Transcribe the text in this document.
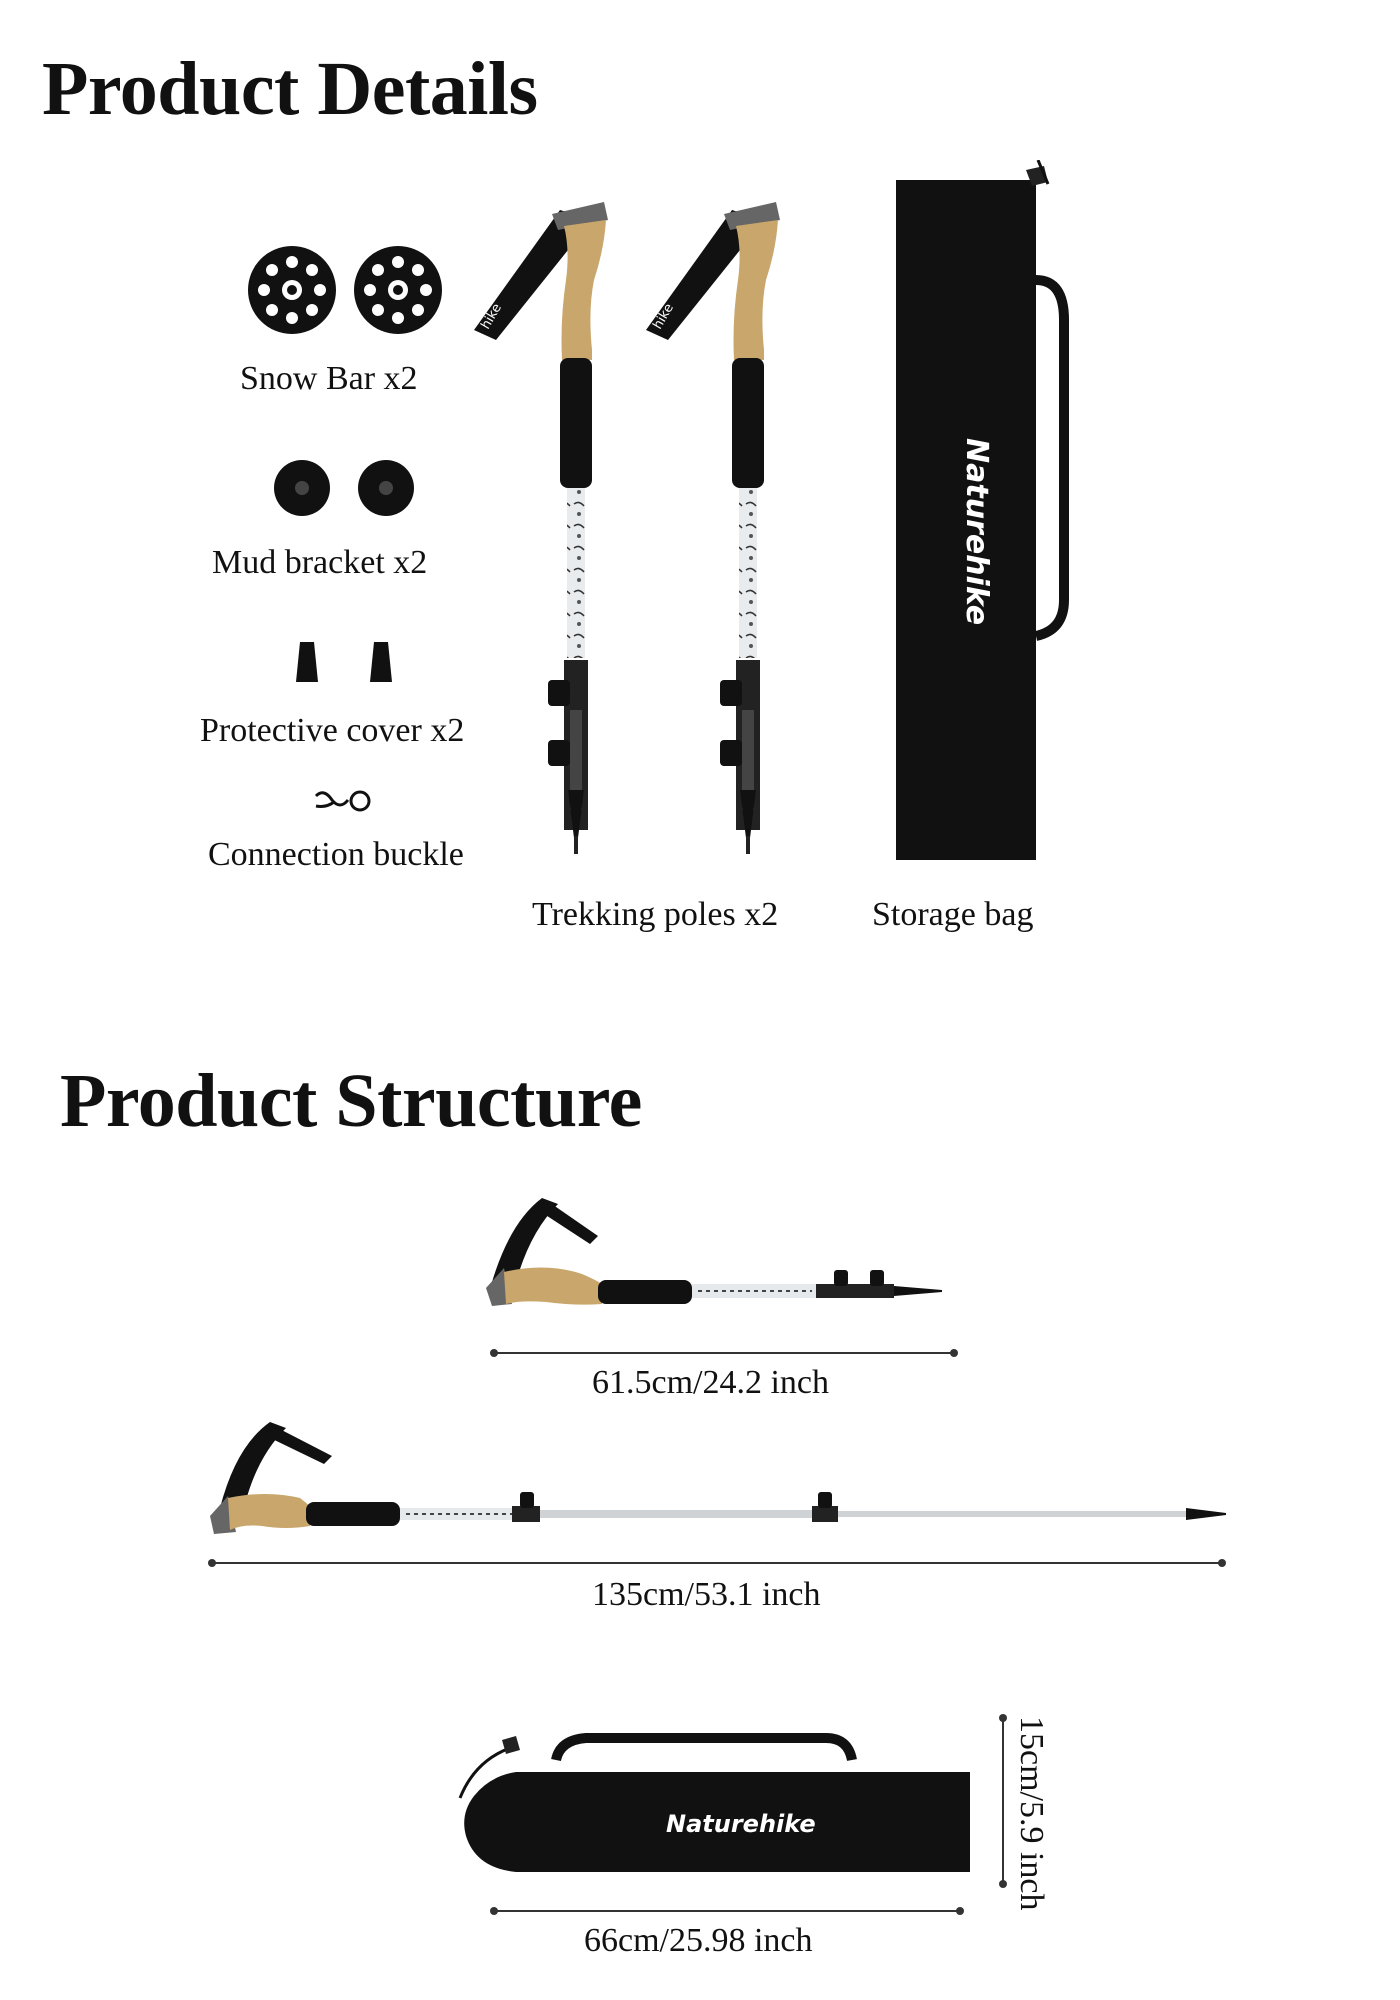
Product Details
Snow Bar x2
Mud bracket x2
Protective cover x2
Connection buckle
hike	hike
Trekking poles x2
Naturehike
Storage bag
Product Structure
61.5cm/24.2 inch
135cm/53.1 inch
Naturehike	15cm/5.9 inch
66cm/25.98 inch
